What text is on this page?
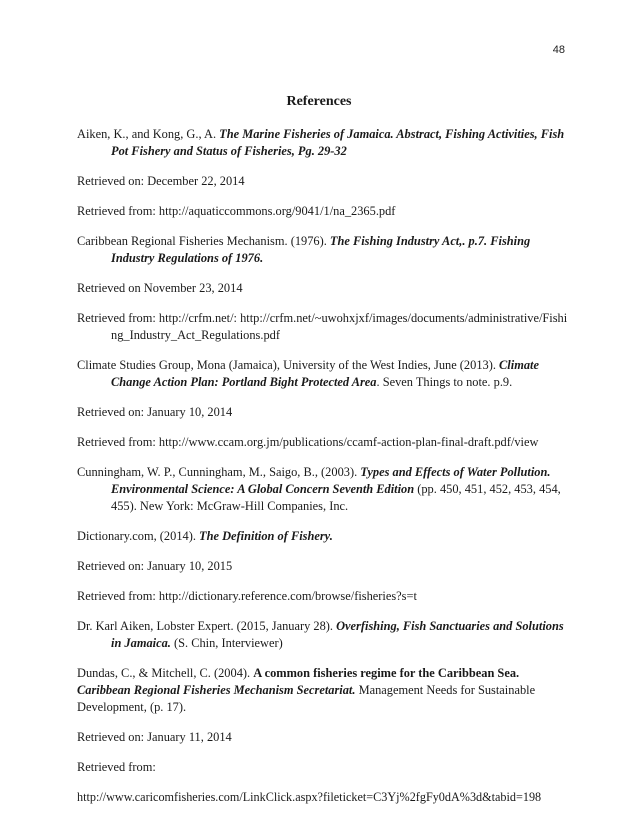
48
References

Aiken, K., and Kong, G., A. The Marine Fisheries of Jamaica. Abstract, Fishing Activities, Fish Pot Fishery and Status of Fisheries, Pg. 29-32

Retrieved on: December 22, 2014

Retrieved from: http://aquaticcommons.org/9041/1/na_2365.pdf

Caribbean Regional Fisheries Mechanism. (1976). The Fishing Industry Act,. p.7. Fishing Industry Regulations of 1976.

Retrieved on November 23, 2014

Retrieved from: http://crfm.net/: http://crfm.net/~uwohxjxf/images/documents/administrative/Fishing_Industry_Act_Regulations.pdf

Climate Studies Group, Mona (Jamaica), University of the West Indies, June (2013). Climate Change Action Plan: Portland Bight Protected Area. Seven Things to note. p.9.

Retrieved on: January 10, 2014

Retrieved from: http://www.ccam.org.jm/publications/ccamf-action-plan-final-draft.pdf/view

Cunningham, W. P., Cunningham, M., Saigo, B., (2003). Types and Effects of Water Pollution. Environmental Science: A Global Concern Seventh Edition (pp. 450, 451, 452, 453, 454, 455). New York: McGraw-Hill Companies, Inc.

Dictionary.com, (2014). The Definition of Fishery.

Retrieved on: January 10, 2015

Retrieved from: http://dictionary.reference.com/browse/fisheries?s=t

Dr. Karl Aiken, Lobster Expert. (2015, January 28). Overfishing, Fish Sanctuaries and Solutions in Jamaica. (S. Chin, Interviewer)

Dundas, C., & Mitchell, C. (2004). A common fisheries regime for the Caribbean Sea. Caribbean Regional Fisheries Mechanism Secretariat. Management Needs for Sustainable Development, (p. 17).

Retrieved on: January 11, 2014

Retrieved from:

http://www.caricomfisheries.com/LinkClick.aspx?fileticket=C3Yj%2fgFy0dA%3d&tabid=198
